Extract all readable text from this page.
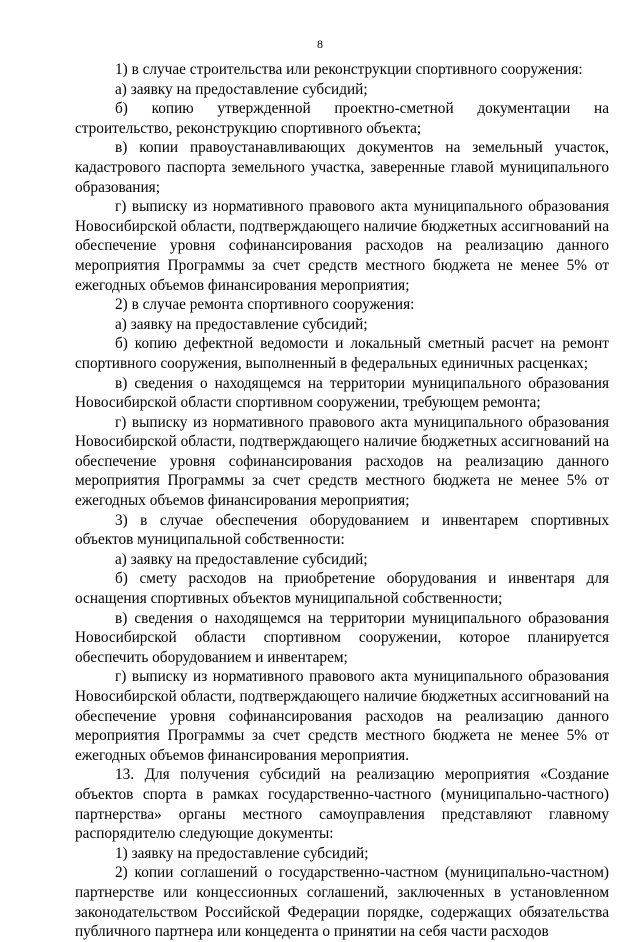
8

1) в случае строительства или реконструкции спортивного сооружения:

а) заявку на предоставление субсидий;

б) копию утвержденной проектно-сметной документации на строительство, реконструкцию спортивного объекта;

в) копии правоустанавливающих документов на земельный участок, кадастрового паспорта земельного участка, заверенные главой муниципального образования;

г) выписку из нормативного правового акта муниципального образования Новосибирской области, подтверждающего наличие бюджетных ассигнований на обеспечение уровня софинансирования расходов на реализацию данного мероприятия Программы за счет средств местного бюджета не менее 5% от ежегодных объемов финансирования мероприятия;

2) в случае ремонта спортивного сооружения:

а) заявку на предоставление субсидий;

б) копию дефектной ведомости и локальный сметный расчет на ремонт спортивного сооружения, выполненный в федеральных единичных расценках;

в) сведения о находящемся на территории муниципального образования Новосибирской области спортивном сооружении, требующем ремонта;

г) выписку из нормативного правового акта муниципального образования Новосибирской области, подтверждающего наличие бюджетных ассигнований на обеспечение уровня софинансирования расходов на реализацию данного мероприятия Программы за счет средств местного бюджета не менее 5% от ежегодных объемов финансирования мероприятия;

3) в случае обеспечения оборудованием и инвентарем спортивных объектов муниципальной собственности:

а) заявку на предоставление субсидий;

б) смету расходов на приобретение оборудования и инвентаря для оснащения спортивных объектов муниципальной собственности;

в) сведения о находящемся на территории муниципального образования Новосибирской области спортивном сооружении, которое планируется обеспечить оборудованием и инвентарем;

г) выписку из нормативного правового акта муниципального образования Новосибирской области, подтверждающего наличие бюджетных ассигнований на обеспечение уровня софинансирования расходов на реализацию данного мероприятия Программы за счет средств местного бюджета не менее 5% от ежегодных объемов финансирования мероприятия.

13. Для получения субсидий на реализацию мероприятия «Создание объектов спорта в рамках государственно-частного (муниципально-частного) партнерства» органы местного самоуправления представляют главному распорядителю следующие документы:

1) заявку на предоставление субсидий;

2) копии соглашений о государственно-частном (муниципально-частном) партнерстве или концессионных соглашений, заключенных в установленном законодательством Российской Федерации порядке, содержащих обязательства публичного партнера или концедента о принятии на себя части расходов
